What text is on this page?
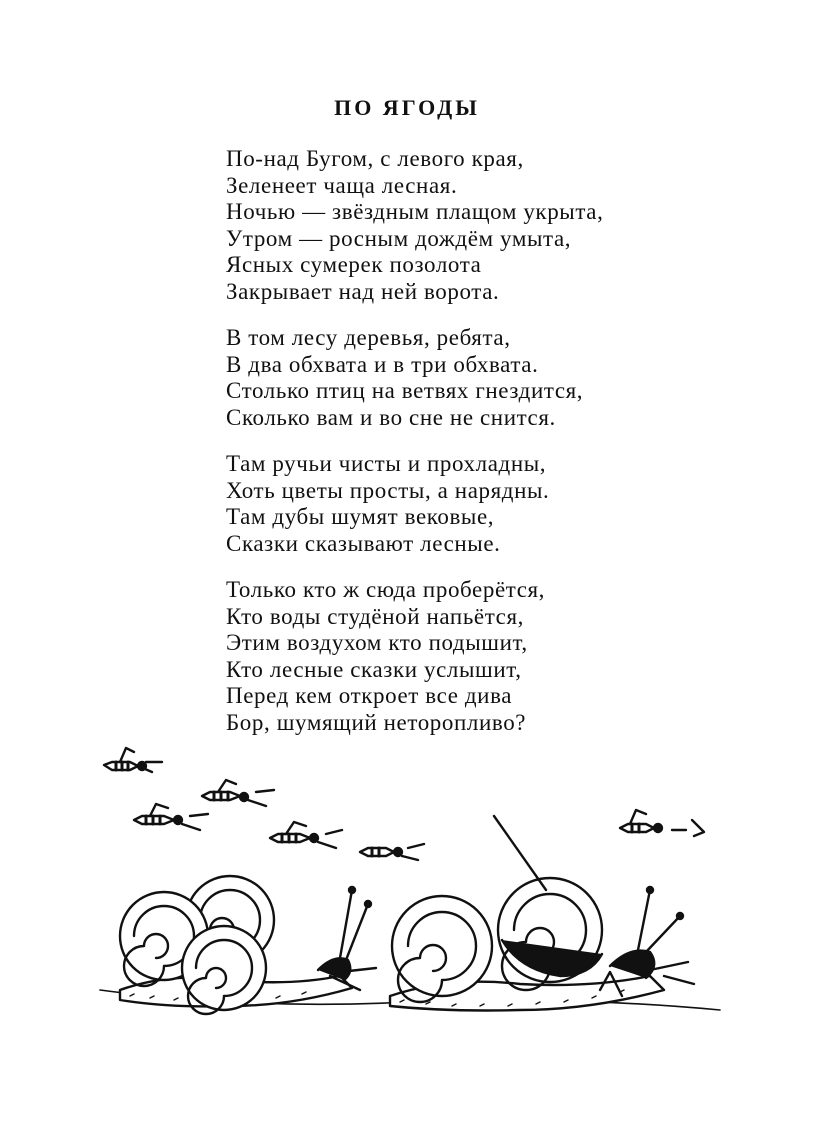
ПО ЯГОДЫ
По-над Бугом, с левого края,
Зеленеет чаща лесная.
Ночью — звёздным плащом укрыта,
Утром — росным дождём умыта,
Ясных сумерек позолота
Закрывает над ней ворота.
В том лесу деревья, ребята,
В два обхвата и в три обхвата.
Столько птиц на ветвях гнездится,
Сколько вам и во сне не снится.
Там ручьи чисты и прохладны,
Хоть цветы просты, а нарядны.
Там дубы шумят вековые,
Сказки сказывают лесные.
Только кто ж сюда проберётся,
Кто воды студёной напьётся,
Этим воздухом кто подышит,
Кто лесные сказки услышит,
Перед кем откроет все дива
Бор, шумящий неторопливо?
